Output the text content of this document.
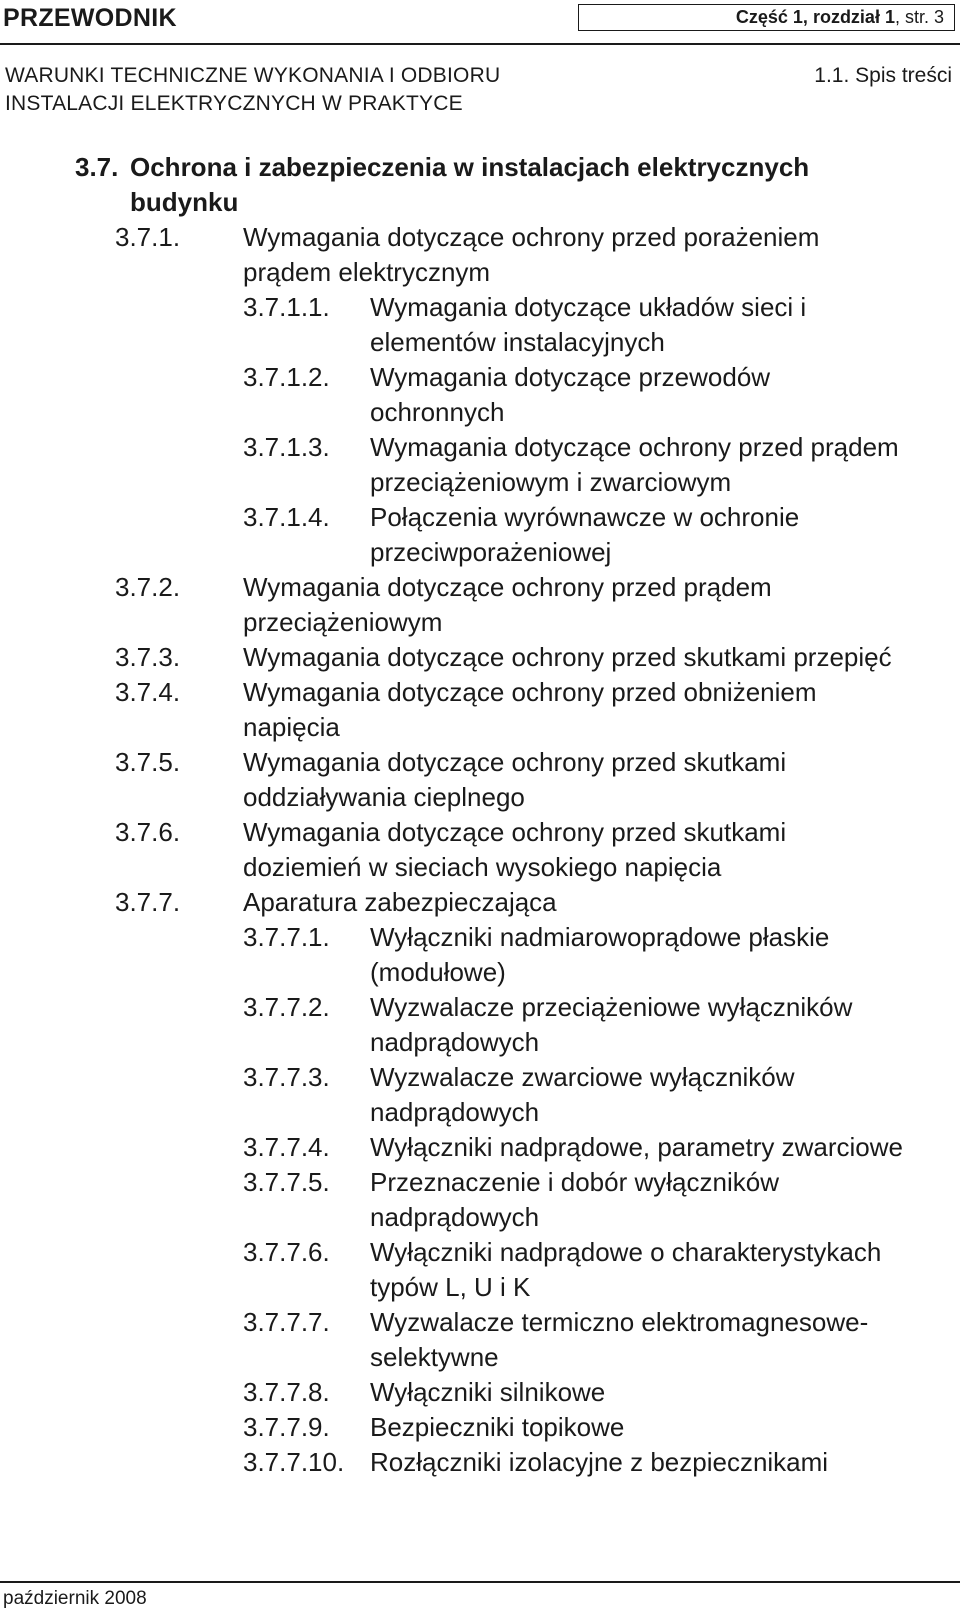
PRZEWODNIK	Część 1, rozdział 1, str. 3
WARUNKI TECHNICZNE WYKONANIA I ODBIORU
INSTALACJI ELEKTRYCZNYCH W PRAKTYCE
1.1. Spis treści
3.7. Ochrona i zabezpieczenia w instalacjach elektrycznych budynku
3.7.1. Wymagania dotyczące ochrony przed porażeniem prądem elektrycznym
3.7.1.1. Wymagania dotyczące układów sieci i elementów instalacyjnych
3.7.1.2. Wymagania dotyczące przewodów ochronnych
3.7.1.3. Wymagania dotyczące ochrony przed prądem przeciążeniowym i zwarciowym
3.7.1.4. Połączenia wyrównawcze w ochronie przeciwporażeniowej
3.7.2. Wymagania dotyczące ochrony przed prądem przeciążeniowym
3.7.3. Wymagania dotyczące ochrony przed skutkami przepięć
3.7.4. Wymagania dotyczące ochrony przed obniżeniem napięcia
3.7.5. Wymagania dotyczące ochrony przed skutkami oddziaływania cieplnego
3.7.6. Wymagania dotyczące ochrony przed skutkami doziemień w sieciach wysokiego napięcia
3.7.7. Aparatura zabezpieczająca
3.7.7.1. Wyłączniki nadmiarowoprądowe płaskie (modułowe)
3.7.7.2. Wyzwalacze przeciążeniowe wyłączników nadprądowych
3.7.7.3. Wyzwalacze zwarciowe wyłączników nadprądowych
3.7.7.4. Wyłączniki nadprądowe, parametry zwarciowe
3.7.7.5. Przeznaczenie i dobór wyłączników nadprądowych
3.7.7.6. Wyłączniki nadprądowe o charakterystykach typów L, U i K
3.7.7.7. Wyzwalacze termiczno elektromagnesowe-selektywne
3.7.7.8. Wyłączniki silnikowe
3.7.7.9. Bezpieczniki topikowe
3.7.7.10. Rozłączniki izolacyjne z bezpiecznikami
październik 2008
